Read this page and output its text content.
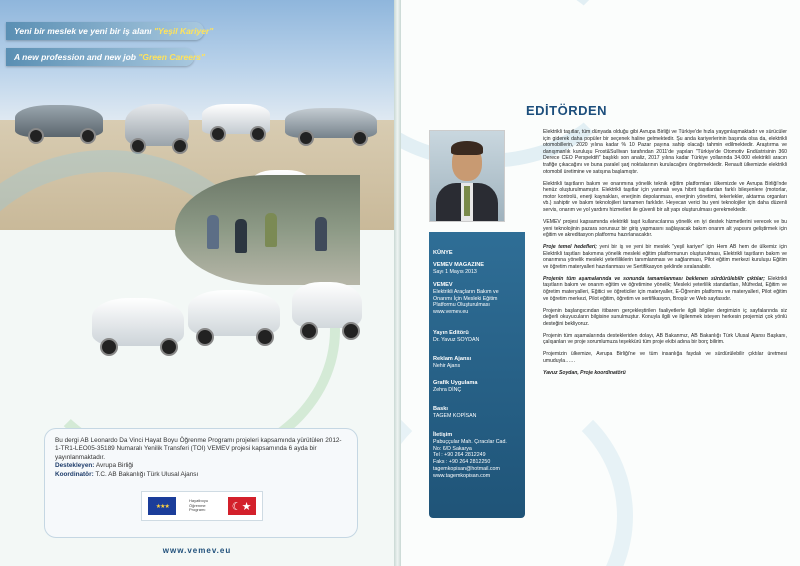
Yeni bir meslek ve yeni bir iş alanı "Yeşil Kariyer"
A new profession and new job "Green Careers"
Bu dergi AB Leonardo Da Vinci Hayat Boyu Öğrenme Programı projeleri kapsamında yürütülen 2012-1-TR1-LEO05-35189 Numaralı Yenilik Transferi (TOI) VEMEV projesi kapsamında 6 ayda bir yayınlanmaktadır.
Destekleyen: Avrupa Birliği
Koordinatör: T.C. AB Bakanlığı Türk Ulusal Ajansı
★★★
Hayatboyu Öğrenme Programı	☾★
www.vemev.eu
EDİTÖRDEN
KÜNYE
VEMEV MAGAZINE
Sayı 1 Mayıs 2013
VEMEV
Elektrikli Araçların Bakım ve
Onarımı İçin Mesleki Eğitim
Platformu Oluşturulması
www.vemev.eu
Yayın Editörü
Dr. Yavuz SOYDAN
Reklam Ajansı
Nehir Ajans
Grafik Uygulama
Zehra DİNÇ
Baskı
TAGEM KOPİSAN
İletişim
Pabuççular Mah. Çıracılar Cad.
No: 6/D Sakarya
Tel : +90 264 2812249
Faks : +90 264 2812250
tagemkopisan@hotmail.com
www.tagemkopisan.com

Elektrikli taşıtlar, tüm dünyada olduğu gibi Avrupa Birliği ve Türkiye'de hızla yaygınlaşmaktadır ve sürücüler için giderek daha popüler bir seçenek haline gelmektedir. Şu anda kariyerlerinin başında olsa da, elektrikli otomobillerin, 2020 yılına kadar % 10 Pazar payına sahip olacağı tahmin edilmektedir. Araştırma ve danışmanlık kuruluşu Frost&Sullivan tarafından 2011'de yapılan "Türkiye'de Otomotiv Endüstrisinin 360 Derece CEO Perspektifi" başlıklı son analiz, 2017 yılına kadar Türkiye yollarında 34.000 elektrikli aracın trafiğe çıkacağını ve buna paralel şarj noktalarının kurulacağını öngörmektedir. Renault ülkemizde elektrikli otomobil üretimine ve satışına başlamıştır.

Elektrikli taşıtların bakım ve onarımına yönelik teknik eğitim platformları ülkemizde ve Avrupa Birliği'nde henüz oluşturulmamıştır. Elektrikli taşıtlar için yanmalı veya hibrit taşıtlardan farklı bileşenlere (motorlar, motor kontrolü, enerji kaynakları, enerjinin depolanması, enerjinin yönetimi, tekerlekler, aktarma organları vb.) sahiptir ve bakım teknolojileri tamamen farklıdır. Heyecan verici bu yeni teknolojiler için daha düzenli servis, onarım ve yol yardımı hizmetleri ile güvenli bir alt yapı oluşturulması gerekmektedir.

VEMEV projesi kapsamında elektrikli taşıt kullanıcılarına yönelik en iyi destek hizmetlerini verecek ve bu yeni teknolojinin pazara sorunsuz bir giriş yapmasını sağlayacak bakım onarım alt yapısını geliştirmek için eğitim ve akreditasyon platformu hazırlanacaktır.

Proje temel hedefleri; yeni bir iş ve yeni bir meslek "yeşil kariyer" için Hem AB hem de ülkemiz için Elektrikli taşıtları bakımına yönelik mesleki eğitim platformunun oluşturulması, Elektrikli taşıtların bakım ve onarımına yönelik mesleki yeterliliklerin tanımlanması ve sağlanması, Pilot eğitim merkezi kuruluşu Eğitim ve öğretim materyalleri hazırlanması ve Sertifikasyon şeklinde sıralanabilir.

Projenin tüm aşamalarında ve sonunda tamamlanması beklenen sürdürülebilir çıktılar; Elektrikli taşıtların bakım ve onarım eğitim ve öğretimine yönelik; Mesleki yeterlilik standartları, Müfredat, Eğitim ve öğretim materyalleri, Eğitici ve öğreticiler için materyaller, E-Öğrenim platformu ve materyalleri, Pilot eğitim ve öğretim merkezi, Pilot eğitim, öğretim ve sertifikasyon, Broşür ve Web sayfasıdır.

Projenin başlangıcından itibaren gerçekleştirilen faaliyetlerle ilgili bilgiler dergimizin iç sayfalarında siz değerli okuyucuların bilgisine sunulmuştur. Konuyla ilgili ve ilgilenmek isteyen herkesin projemizi çok yönlü desteğini bekliyoruz.

Projenin tüm aşamalarında destekleriden dolayı, AB Bakanmız, AB Bakanlığı Türk Ulusal Ajansı Başkanı, çalışanları ve proje sorumlumuza teşekkürü tüm proje ekibi adına bir borç bilirim.

Projemizin ülkemize, Avrupa Birliği'ne ve tüm insanlığa faydalı ve sürdürülebilir çıktılar üretmesi umuduyla……

Yavuz Soydan, Proje koordinatörü
